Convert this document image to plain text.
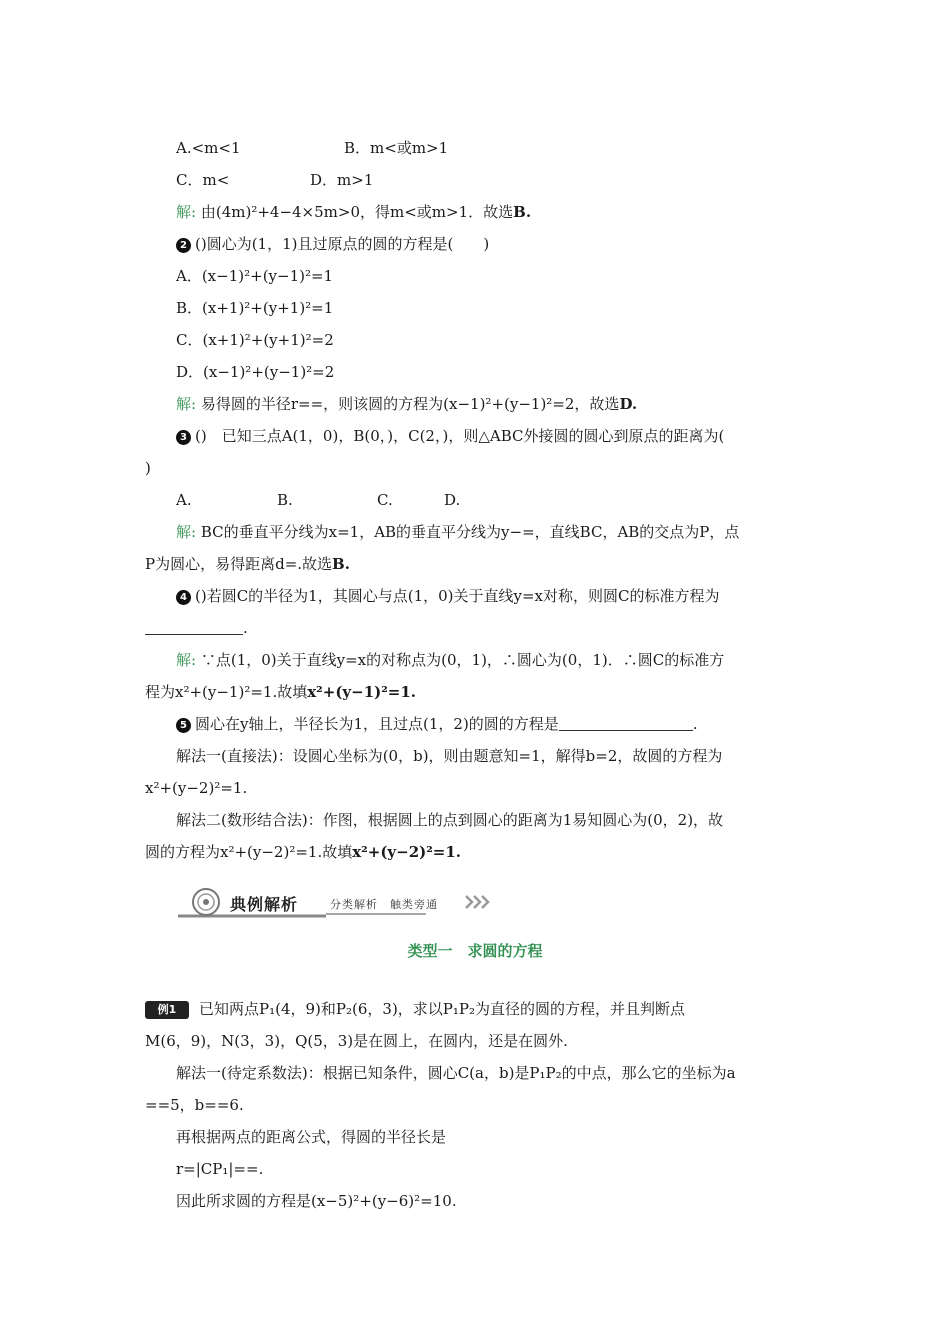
A.<m<1	B．m<或m>1
C．m<	D．m>1
解: 由(4m)²+4−4×5m>0，得m<或m>1．故选B.
2 ()圆心为(1，1)且过原点的圆的方程是(　　)
A．(x−1)²+(y−1)²=1
B．(x+1)²+(y+1)²=1
C．(x+1)²+(y+1)²=2
D．(x−1)²+(y−1)²=2
解: 易得圆的半径r==，则该圆的方程为(x−1)²+(y−1)²=2，故选D.
3 ()　已知三点A(1，0)，B(0，)，C(2，)，则△ABC外接圆的圆心到原点的距离为(
)
A.	B.	C.	D.
解: BC的垂直平分线为x=1，AB的垂直平分线为y−=，直线BC，AB的交点为P，点
P为圆心，易得距离d=.故选B.
4 ()若圆C的半径为1，其圆心与点(1，0)关于直线y=x对称，则圆C的标准方程为
.
解: ∵点(1，0)关于直线y=x的对称点为(0，1)，∴圆心为(0，1)．∴圆C的标准方
程为x²+(y−1)²=1.故填x²+(y−1)²=1.
5 圆心在y轴上，半径长为1，且过点(1，2)的圆的方程是	.
解法一(直接法)：设圆心坐标为(0，b)，则由题意知=1，解得b=2，故圆的方程为
x²+(y−2)²=1.
解法二(数形结合法)：作图，根据圆上的点到圆心的距离为1易知圆心为(0，2)，故
圆的方程为x²+(y−2)²=1.故填x²+(y−2)²=1.
典例解析	分类解析　触类旁通
类型一　求圆的方程
例1 已知两点P₁(4，9)和P₂(6，3)，求以P₁P₂为直径的圆的方程，并且判断点
M(6，9)，N(3，3)，Q(5，3)是在圆上，在圆内，还是在圆外.
解法一(待定系数法)：根据已知条件，圆心C(a，b)是P₁P₂的中点，那么它的坐标为a
==5，b==6.
再根据两点的距离公式，得圆的半径长是
r=|CP₁|==.
因此所求圆的方程是(x−5)²+(y−6)²=10.
